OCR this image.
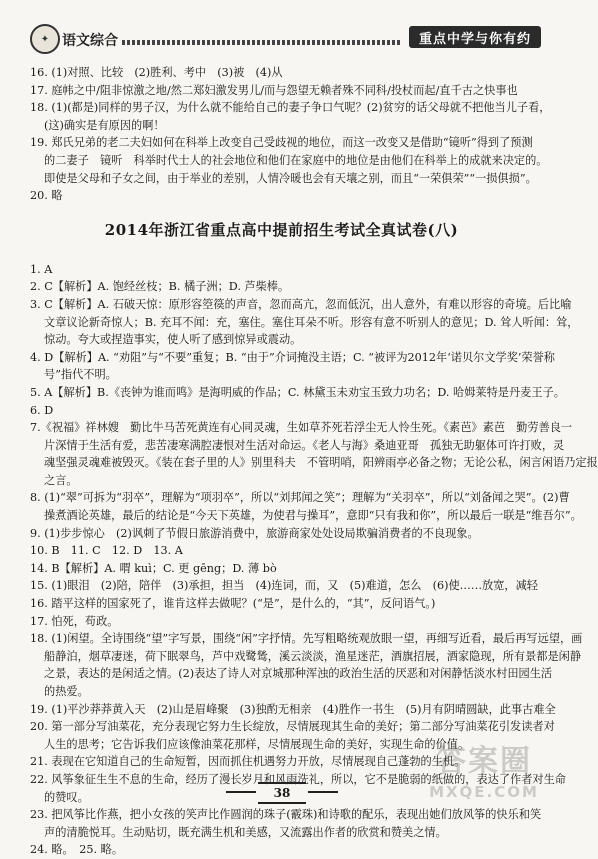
✦ 语文综合	重点中学与你有约
16. (1)对照、比较　(2)胜利、考中　(3)被　(4)从
17. 庭帏之中/阻非惊激之地/然二郑妇激发男儿/而与怨望无赖者殊不同科/投杖而起/直千古之快事也
18. (1)(都是)同样的男子汉，为什么就不能给自己的妻子争口气呢？(2)贫穷的话父母就不把他当儿子看，
(这)确实是有原因的啊！
19. 郑氏兄弟的老二夫妇如何在科举上改变自己受歧视的地位，而这一改变又是借助“镜听”得到了预测
的二妻子　镜听　科举时代士人的社会地位和他们在家庭中的地位是由他们在科举上的成就来决定的。
即使是父母和子女之间，由于举业的差别，人情冷暖也会有天壤之别，而且“一荣俱荣”“一损俱损”。
20. 略
2014年浙江省重点高中提前招生考试全真试卷(八)
1. A
2. C【解析】A. 饱经丝枝；B. 橘子洲；D. 芦柴棒。
3. C【解析】A. 石破天惊：原形容箜篌的声音，忽而高亢，忽而低沉，出人意外，有难以形容的奇境。后比喻
文章议论新奇惊人；B. 充耳不闻：充，塞住。塞住耳朵不听。形容有意不听别人的意见；D. 耸人听闻：耸，
惊动。夸大或捏造事实，使人听了感到惊异或震动。
4. D【解析】A. “劝阻”与“不要”重复；B. “由于”介词掩没主语；C. “被评为2012年‘诺贝尔文学奖’荣誉称
号”指代不明。
5. A【解析】B.《丧钟为谁而鸣》是海明威的作品；C. 林黛玉未劝宝玉致力功名；D. 哈姆莱特是丹麦王子。
6. D
7.《祝福》祥林嫂　勤比牛马苦死黄连有心同灵魂，生如草芥死若浮尘无人怜生死。《素芭》素芭　勤劳善良一
片深情于生活有爱，悲苦凄寒满腔凄恨对生活对命运。《老人与海》桑迪亚哥　孤独无助躯体可许打败，灵
魂坚强灵魂难被毁灭。《装在套子里的人》别里科夫　不管明哨，阳辨雨亭必备之物；无论公私，闲言闲语乃定报
之言。
8. (1)“翠”可拆为“羽卒”，理解为“项羽卒”，所以“刘邦闻之笑”；理解为“关羽卒”，所以“刘备闻之哭”。(2)曹
操煮酒论英雄，最后的结论是“今天下英雄，为使君与操耳”，意即“只有我和你”，所以最后一联是“维吾尔”。
9. (1)步步惊心　(2)讽刺了节假日旅游消费中，旅游商家处处设局欺骗消费者的不良现象。
10. B　11. C　12. D　13. A
14. B【解析】A. 喟 kuì；C. 更 gēng；D. 薄 bò
15. (1)眼泪　(2)陪，陪伴　(3)承担，担当　(4)连词，而，又　(5)难道，怎么　(6)使……放宽，减轻
16. 踏平这样的国家死了，谁肯这样去做呢？(“是”，是什么的，“其”，反问语气。)
17. 怕死，苟政。
18. (1)闲望。全诗围绕“望”字写景，围绕“闲”字抒情。先写粗略统观放眼一望，再细写近看，最后再写远望，画
船静泊，烟草凄迷，荷下眠翠鸟，芦中戏鹭鸶，溪云淡淡，渔星迷茫，酒旗招展，酒家隐现，所有景都是闲静
之景，表达的是闲适之情。(2)表达了诗人对京城那种浑浊的政治生活的厌恶和对闲静恬淡水村田园生活
的热爱。
19. (1)平沙莽莽黄入天　(2)山是眉峰聚　(3)独酌无相亲　(4)胜作一书生　(5)月有阴晴圆缺，此事古难全
20. 第一部分写油菜花，充分表现它努力生长绽放，尽情展现其生命的美好；第二部分写油菜花引发读者对
人生的思考；它告诉我们应该像油菜花那样，尽情展现生命的美好，实现生命的价值。
21. 表现在它知道自己的生命短暂，因而抓住机遇努力开放，尽情展现自己蓬勃的生机。
22. 风筝象征生生不息的生命，经历了漫长岁月和风雨洗礼，所以，它不是脆弱的纸做的，表达了作者对生命
的赞叹。
23. 把风筝比作燕，把小女孩的笑声比作圆润的珠子(霰珠)和诗歌的配乐，表现出她们放风筝的快乐和笑
声的清脆悦耳。生动贴切，既充满生机和美感，又流露出作者的欣赏和赞美之情。
24. 略。　25. 略。
38
答案圈
MXQE.COM
